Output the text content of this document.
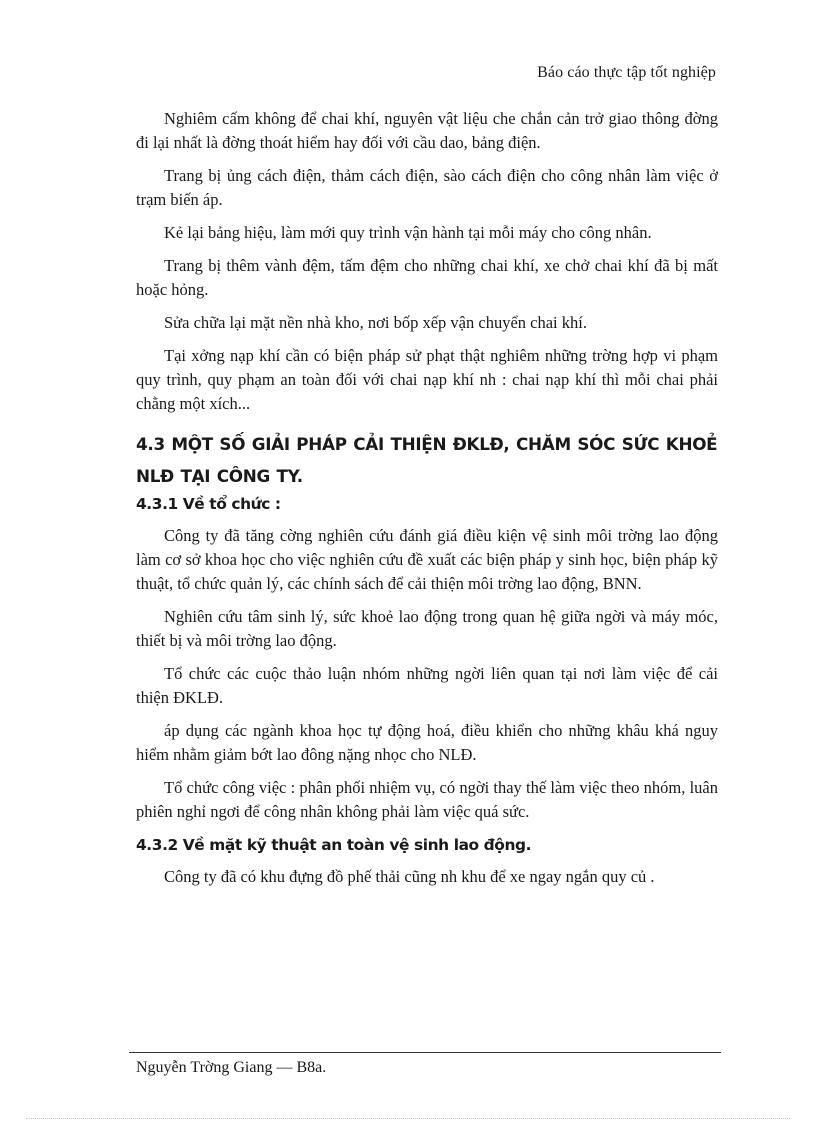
Báo cáo thực tập tốt nghiệp

Nghiêm cấm không để chai khí, nguyên vật liệu che chắn cản trở giao thông đờng đi lại nhất là đờng thoát hiểm hay đối với cầu dao, bảng điện.

Trang bị ủng cách điện, thảm cách điện, sào cách điện cho công nhân làm việc ở trạm biến áp.

Kẻ lại bảng hiệu, làm mới quy trình vận hành tại mỗi máy cho công nhân.

Trang bị thêm vành đệm, tấm đệm cho những chai khí, xe chở chai khí đã bị mất hoặc hỏng.

Sửa chữa lại mặt nền nhà kho, nơi bốp xếp vận chuyển chai khí.

Tại xởng nạp khí cần có biện pháp sử phạt thật nghiêm những trờng hợp vi phạm quy trình, quy phạm an toàn đối với chai nạp khí nh : chai nạp khí thì mỗi chai phải chằng một xích...

4.3 MỘT SỐ GIẢI PHÁP CẢI THIỆN ĐKLĐ, CHĂM SÓC SỨC KHOẺ NLĐ TẠI CÔNG TY.
4.3.1 Về tổ chức :

Công ty đã tăng cờng nghiên cứu đánh giá điều kiện vệ sinh môi trờng lao động làm cơ sở khoa học cho việc nghiên cứu đề xuất các biện pháp y sinh học, biện pháp kỹ thuật, tổ chức quản lý, các chính sách để cải thiện môi trờng lao động, BNN.

Nghiên cứu tâm sinh lý, sức khoẻ lao động trong quan hệ giữa ngời và máy móc, thiết bị và môi trờng lao động.

Tổ chức các cuộc thảo luận nhóm những ngời liên quan tại nơi làm việc để cải thiện ĐKLĐ.

áp dụng các ngành khoa học tự động hoá, điều khiển cho những khâu khá nguy hiểm nhằm giảm bớt lao đông nặng nhọc cho NLĐ.

Tổ chức công việc : phân phối nhiệm vụ, có ngời thay thế làm việc theo nhóm, luân phiên nghỉ ngơi để công nhân không phải làm việc quá sức.

4.3.2 Về mặt kỹ thuật an toàn vệ sinh lao động.

Công ty đã có khu đựng đồ phế thải cũng nh khu để xe ngay ngắn quy củ .

Nguyễn Trờng Giang — B8a.
